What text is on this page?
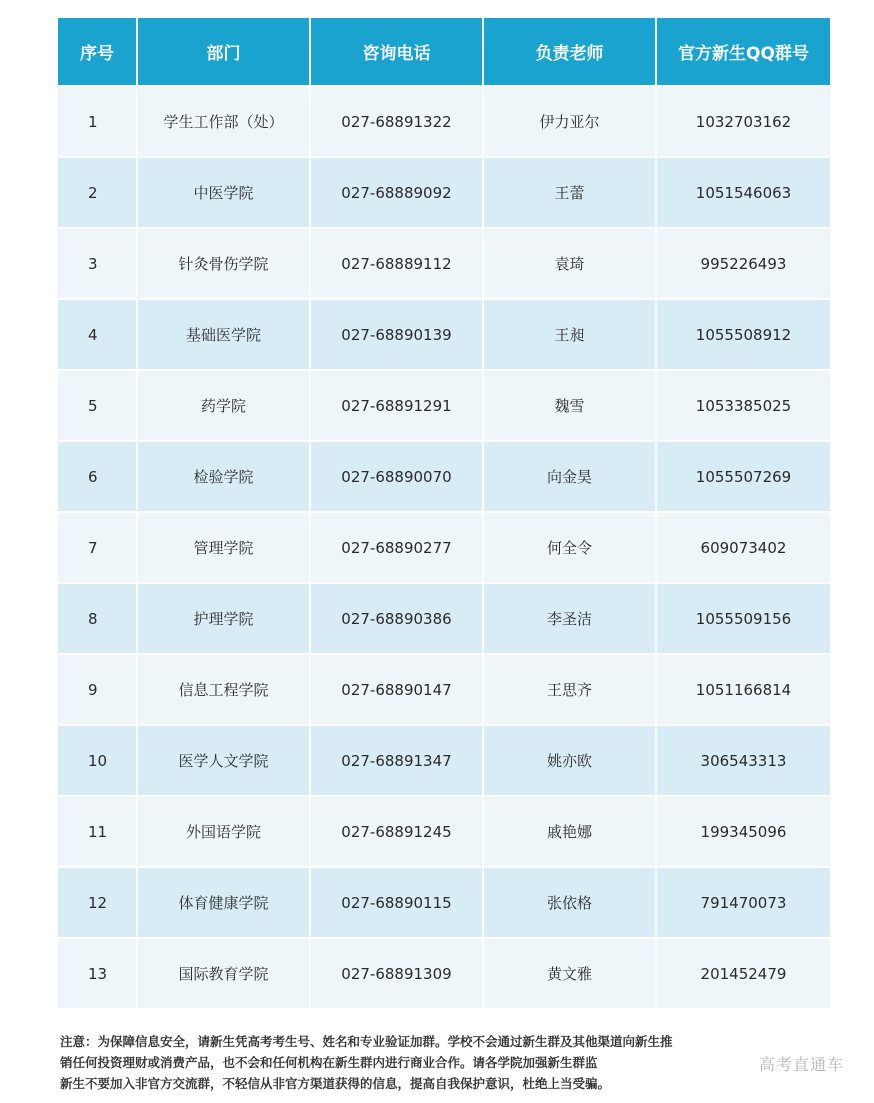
序号	部门	咨询电话	负责老师	官方新生QQ群号
1	学生工作部（处）	027-68891322	伊力亚尔	1032703162
2	中医学院	027-68889092	王蕾	1051546063
3	针灸骨伤学院	027-68889112	袁琦	995226493
4	基础医学院	027-68890139	王昶	1055508912
5	药学院	027-68891291	魏雪	1053385025
6	检验学院	027-68890070	向金昊	1055507269
7	管理学院	027-68890277	何全令	609073402
8	护理学院	027-68890386	李圣洁	1055509156
9	信息工程学院	027-68890147	王思齐	1051166814
10	医学人文学院	027-68891347	姚亦欧	306543313
11	外国语学院	027-68891245	戚艳娜	199345096
12	体育健康学院	027-68890115	张依格	791470073
13	国际教育学院	027-68891309	黄文雅	201452479

注意：为保障信息安全，请新生凭高考考生号、姓名和专业验证加群。学校不会通过新生群及其他渠道向新生推
销任何投资理财或消费产品，也不会和任何机构在新生群内进行商业合作。请各学院加强新生群监
新生不要加入非官方交流群，不轻信从非官方渠道获得的信息，提高自我保护意识，杜绝上当受骗。

高考直通车
